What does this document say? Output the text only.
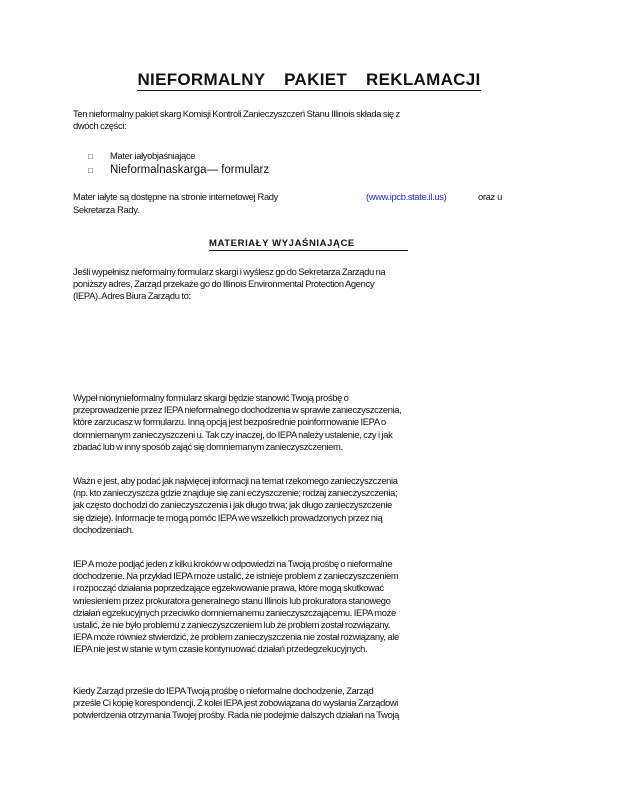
NIEFORMALNY PAKIET REKLAMACJI
Ten nieformalny pakiet skarg Komisji Kontroli Zanieczyszczeń Stanu Illinois składa się z
dwóch części:
□	Mater iałyobjaśniające
□	Nieformalnaskarga— formularz
Mater iałyte są dostępne na stronie internetowej Rady	(www.ipcb.state.il.us)	oraz u
Sekretarza Rady.
MATERIAŁY WYJAŚNIAJĄCE
Jeśli wypełnisz nieformalny formularz skargi i wyślesz go do Sekretarza Zarządu na
poniższy adres, Zarząd przekaże go do Illinois Environmental Protection Agency
(IEPA). Adres Biura Zarządu to:
Wypeł nionynieformalny formularz skargi będzie stanowić Twoją prośbę o
przeprowadzenie przez IEPA nieformalnego dochodzenia w sprawie zanieczyszczenia,
które zarzucasz w formularzu. Inną opcją jest bezpośrednie poinformowanie IEPA o
domniemanym zanieczyszczeni u. Tak czy inaczej, do IEPA należy ustalenie, czy i jak
zbadać lub w inny sposób zająć się domniemanym zanieczyszczeniem.
Ważn e jest, aby podać jak najwięcej informacji na temat rzekomego zanieczyszczenia
(np. kto zanieczyszcza gdzie znajduje się zani eczyszczenie; rodzaj zanieczyszczenia;
jak często dochodzi do zanieczyszczenia i jak długo trwa; jak długo zanieczyszczenie
się dzieje). Informacje te mogą pomóc IEPA we wszelkich prowadzonych przez nią
dochodzeniach.
IEP A może podjąć jeden z kilku kroków w odpowiedzi na Twoją prośbę o nieformalne
dochodzenie. Na przykład IEPA może ustalić, że istnieje problem z zanieczyszczeniem
i rozpocząć działania poprzedzające egzekwowanie prawa, które mogą skutkować
wniesieniem przez prokuratora generalnego stanu Illinois lub prokuratora stanowego
działań egzekucyjnych przeciwko domniemanemu zanieczyszczającemu. IEPA może
ustalić, że nie było problemu z zanieczyszczeniem lub że problem został rozwiązany.
IEPA może również stwierdzić, że problem zanieczyszczenia nie został rozwiązany, ale
IEPA nie jest w stanie w tym czasie kontynuować działań przedegzekucyjnych.
Kiedy Zarząd prześle do IEPA Twoją prośbę o nieformalne dochodzenie, Zarząd
prześle Ci kopię korespondencji. Z kolei IEPA jest zobowiązana do wysłania Zarządowi
potwierdzenia otrzymania Twojej prośby. Rada nie podejmie dalszych działań na Twoją
